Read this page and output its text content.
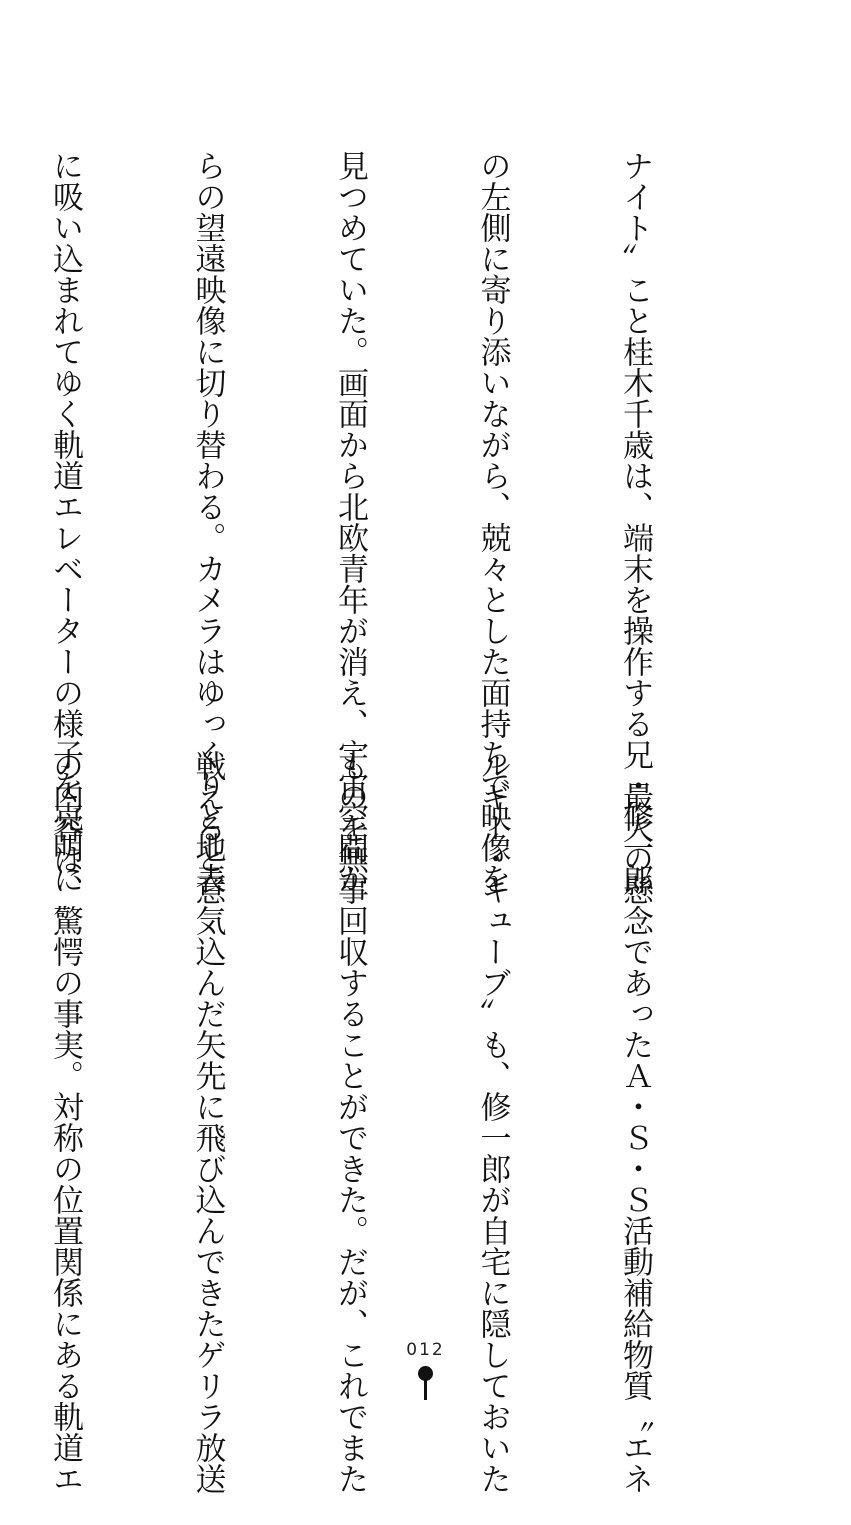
ナイト〟こと桂木千歳は、端末を操作する兄・修一郎

の左側に寄り添いながら、兢々とした面持ちで映像を

見つめていた。画面から北欧青年が消え、宇宙空間か

らの望遠映像に切り替わる。カメラはゆっくりと地表

に吸い込まれてゆく軌道エレベーターの様子を克明に

　最大の懸念であったＡ・Ｓ・Ｓ活動補給物質〝エネ

ルギー・キューブ〟も、修一郎が自宅に隠しておいた

ものを無事回収することができた。だが、これでまた

戦えると意気込んだ矢先に飛び込んできたゲリラ放送

の内容は、驚愕の事実。対称の位置関係にある軌道エ

	012
